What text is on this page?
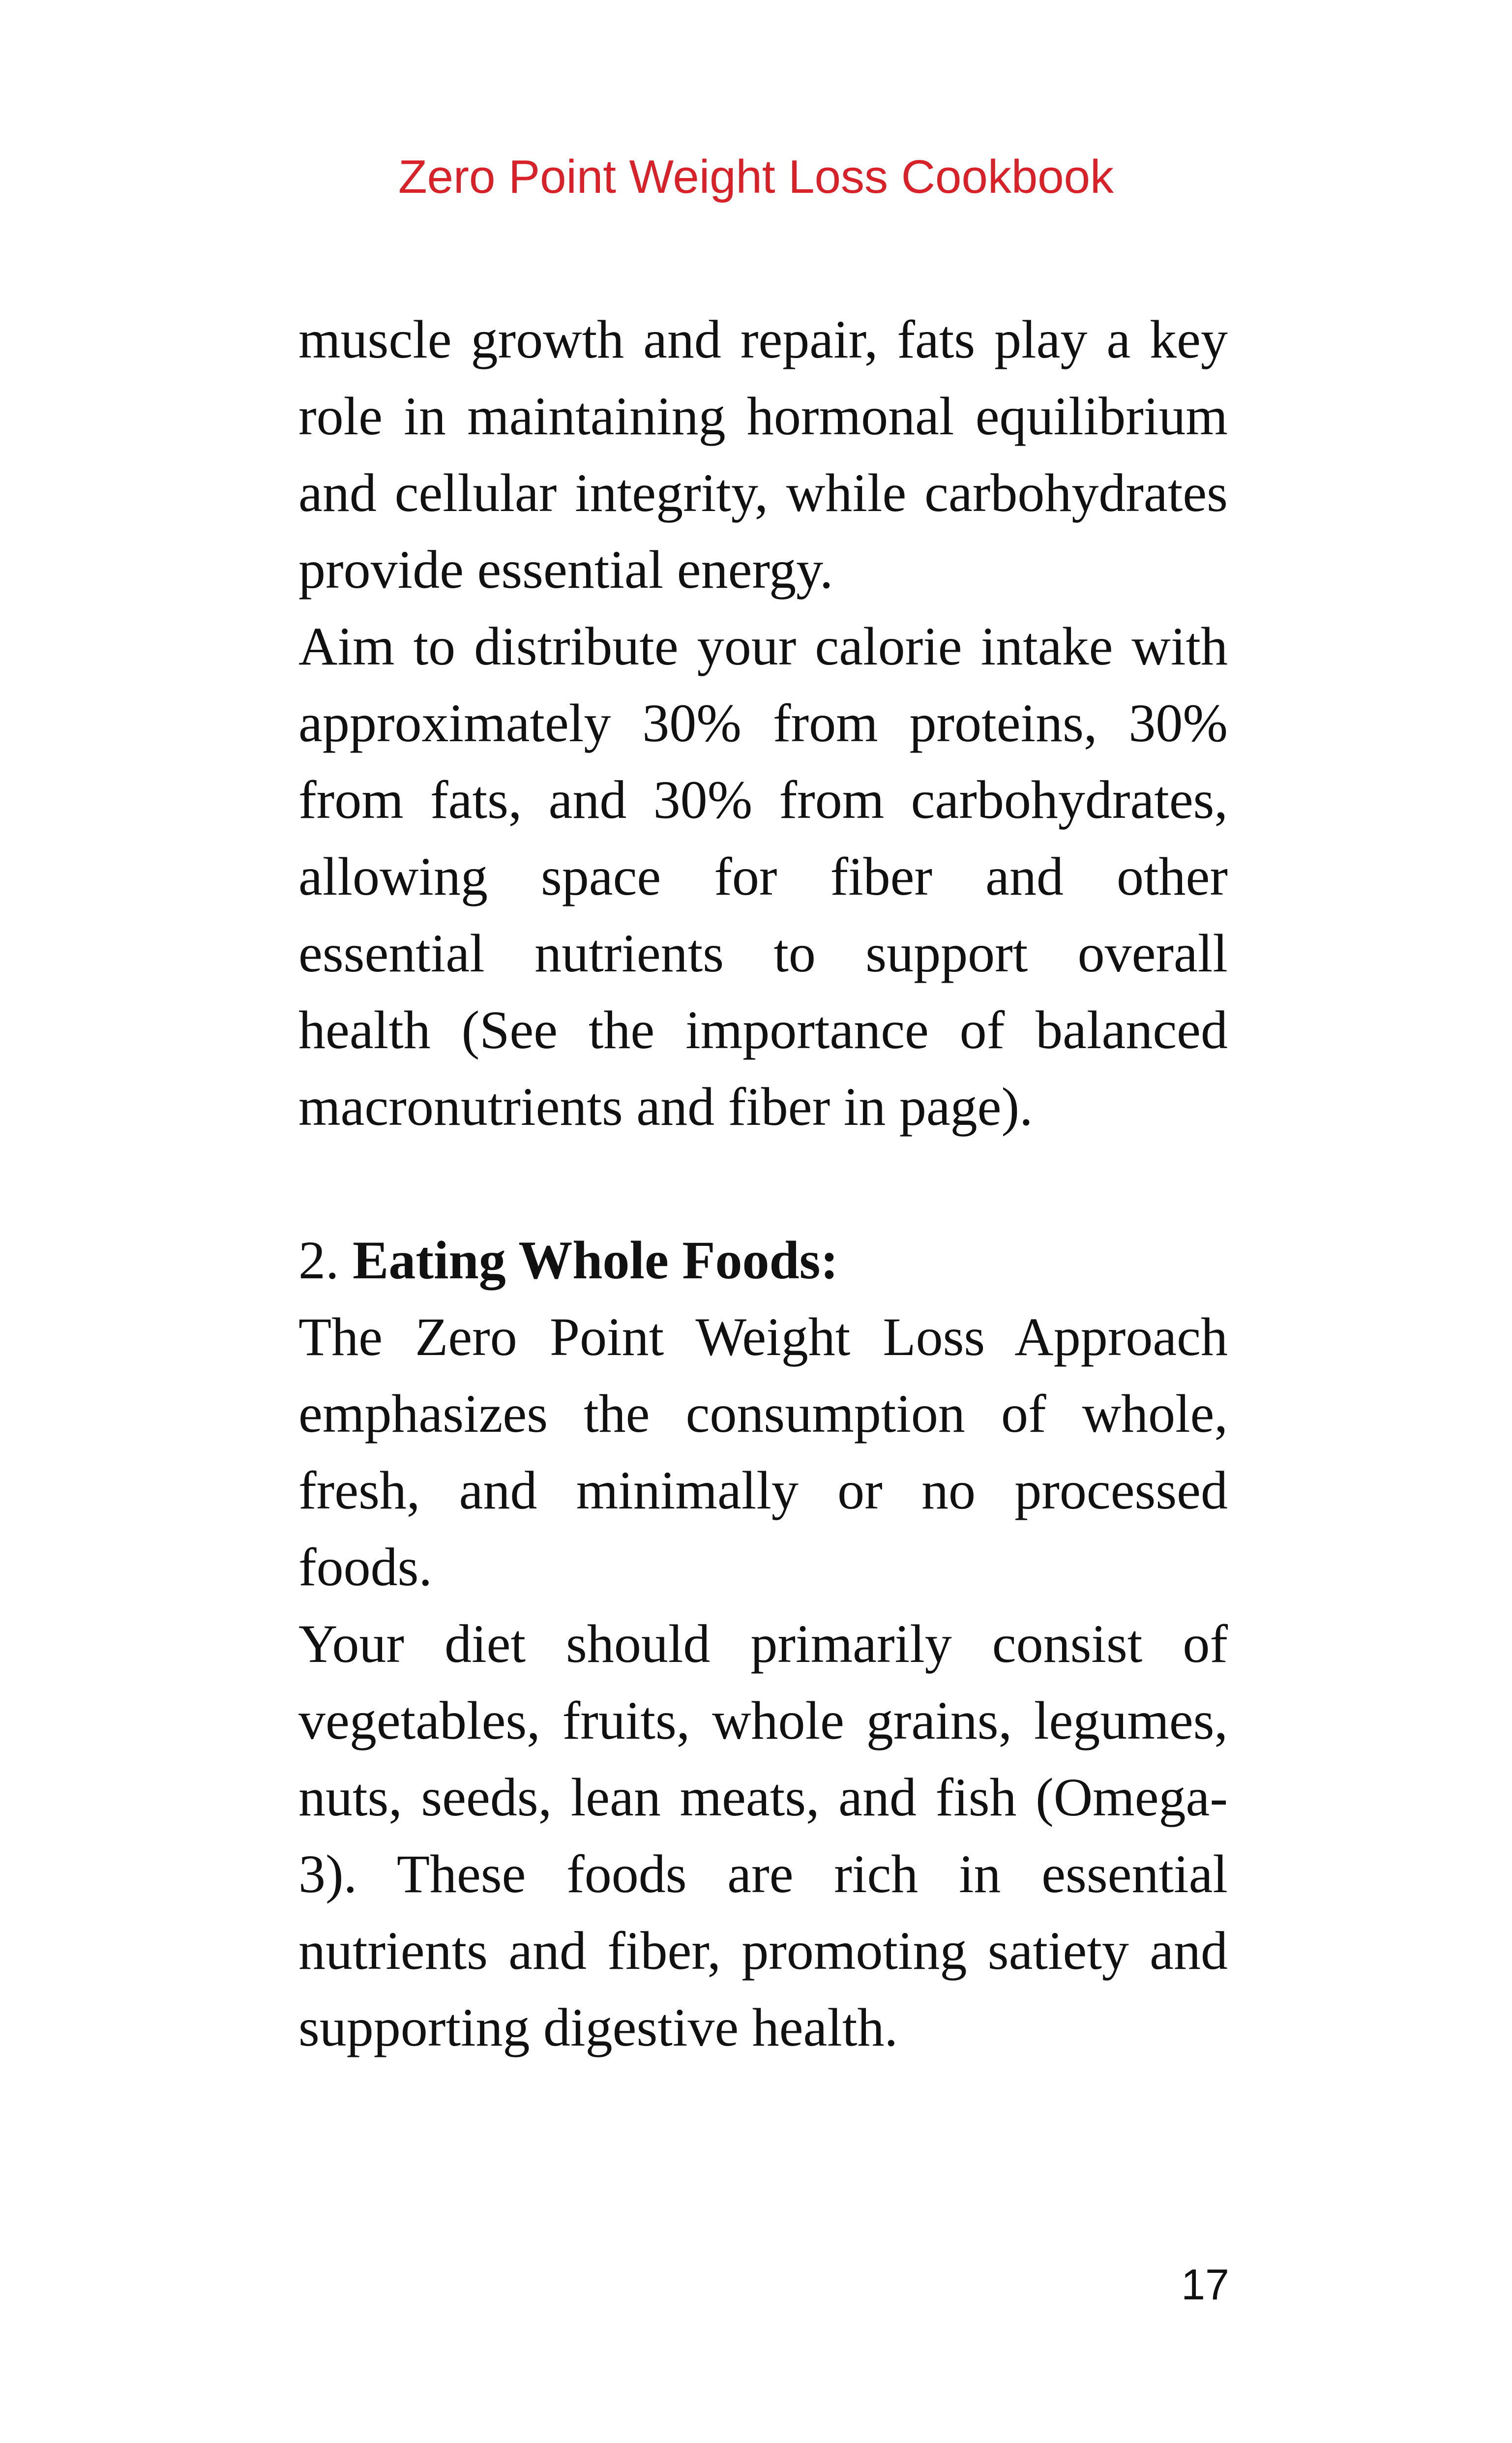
Zero Point Weight Loss Cookbook

muscle growth and repair, fats play a key role in maintaining hormonal equilibrium and cellular integrity, while carbohydrates provide essential energy.

Aim to distribute your calorie intake with approximately 30% from proteins, 30% from fats, and 30% from carbohydrates, allowing space for fiber and other essential nutrients to support overall health (See the importance of balanced macronutrients and fiber in page).

2. Eating Whole Foods:

The Zero Point Weight Loss Approach emphasizes the consumption of whole, fresh, and minimally or no processed foods.

Your diet should primarily consist of vegetables, fruits, whole grains, legumes, nuts, seeds, lean meats, and fish (Omega-3). These foods are rich in essential nutrients and fiber, promoting satiety and supporting digestive health.

17
